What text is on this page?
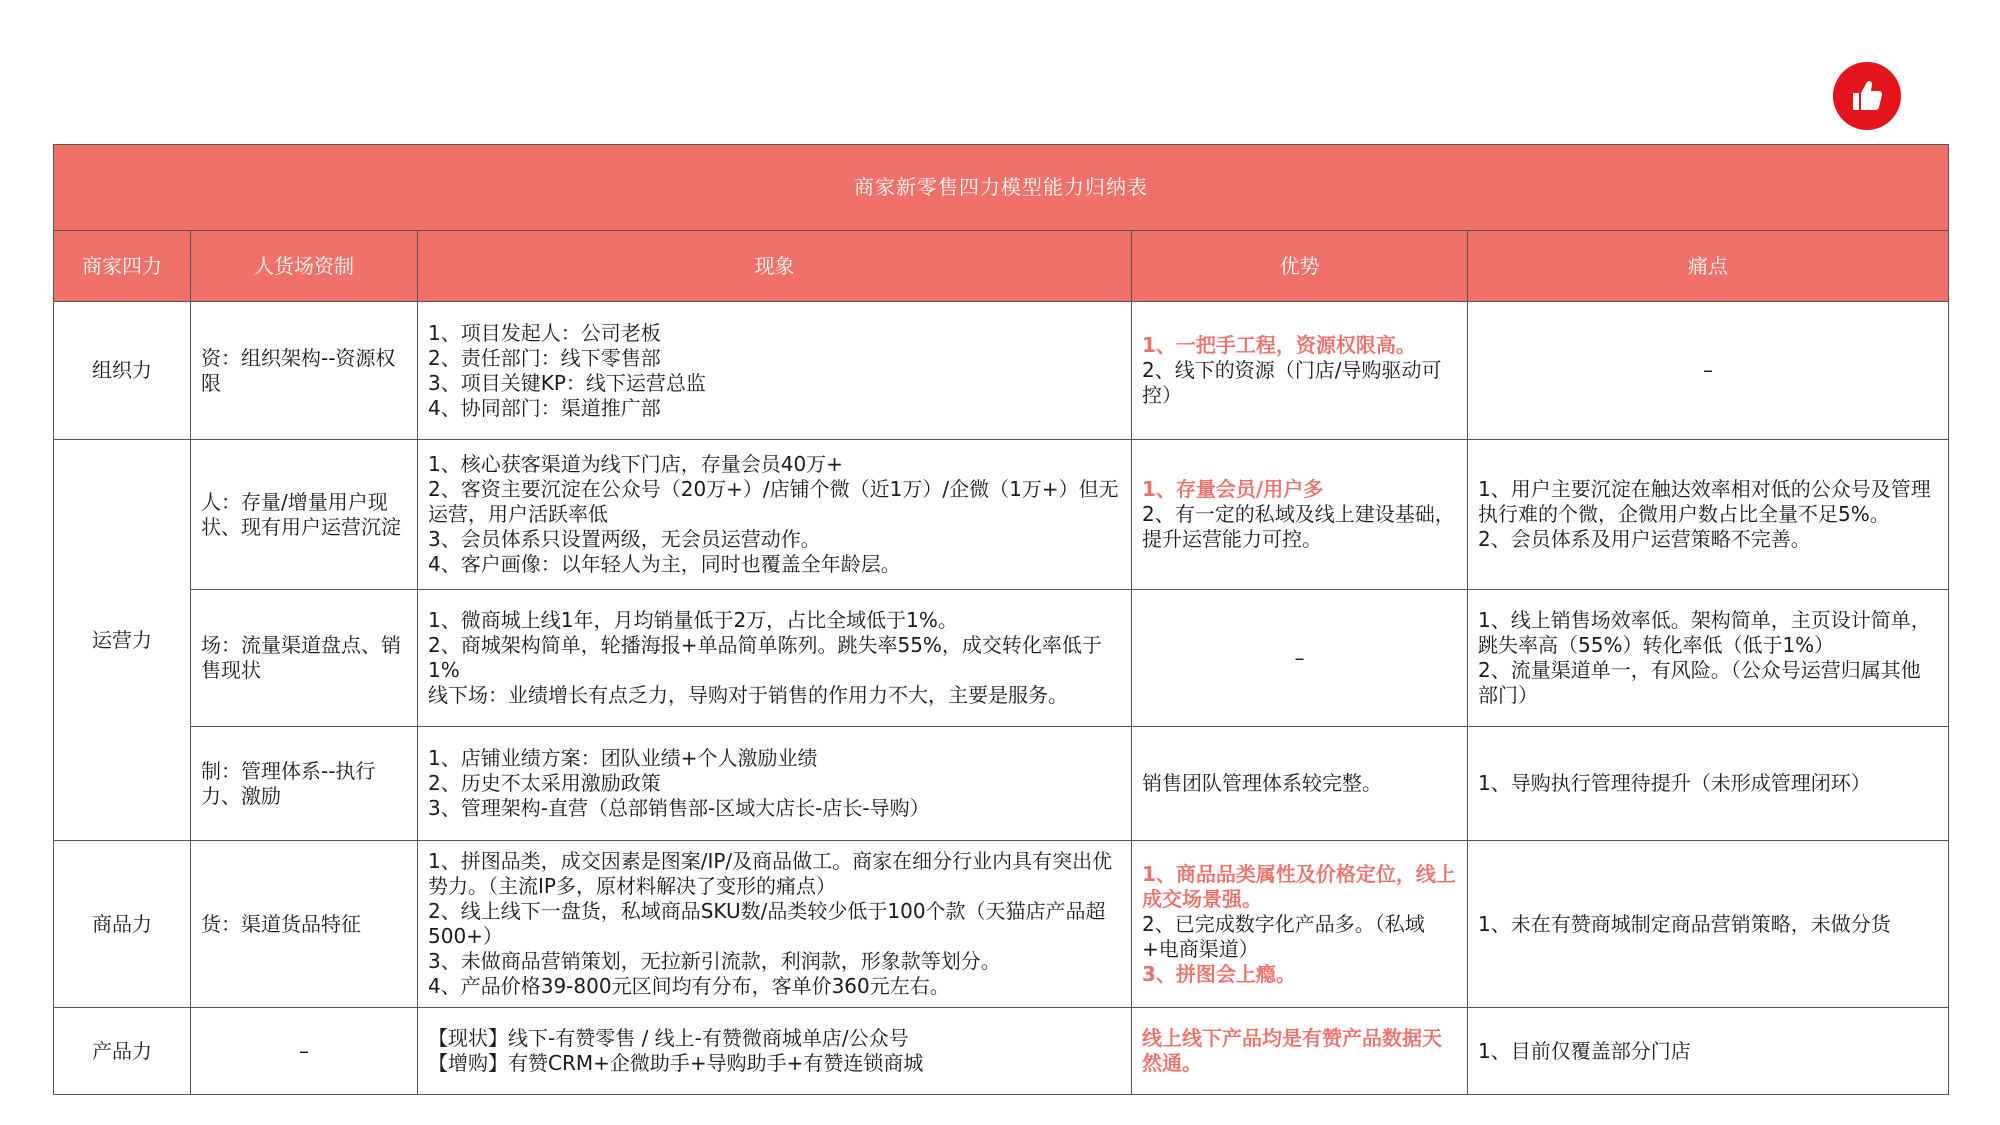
商家新零售四力模型能力归纳表				
商家四力	人货场资制	现象	优势	痛点
组织力	资：组织架构--资源权限	1、项目发起人：公司老板
2、责任部门：线下零售部
3、项目关键KP：线下运营总监
4、协同部门：渠道推广部	1、一把手工程，资源权限高。
2、线下的资源（门店/导购驱动可控）	–
运营力	人：存量/增量用户现状、现有用户运营沉淀	1、核心获客渠道为线下门店，存量会员40万+
2、客资主要沉淀在公众号（20万+）/店铺个微（近1万）/企微（1万+）但无运营，用户活跃率低
3、会员体系只设置两级，无会员运营动作。
4、客户画像：以年轻人为主，同时也覆盖全年龄层。	1、存量会员/用户多
2、有一定的私域及线上建设基础，提升运营能力可控。	1、用户主要沉淀在触达效率相对低的公众号及管理执行难的个微，企微用户数占比全量不足5%。
2、会员体系及用户运营策略不完善。

	场：流量渠道盘点、销售现状	1、微商城上线1年，月均销量低于2万，占比全域低于1%。
2、商城架构简单，轮播海报+单品简单陈列。跳失率55%，成交转化率低于1%
线下场：业绩增长有点乏力，导购对于销售的作用力不大，主要是服务。	–	1、线上销售场效率低。架构简单，主页设计简单，跳失率高（55%）转化率低（低于1%）
2、流量渠道单一，有风险。（公众号运营归属其他部门）

	制：管理体系--执行力、激励	1、店铺业绩方案：团队业绩+个人激励业绩
2、历史不太采用激励政策
3、管理架构-直营（总部销售部-区域大店长-店长-导购）	销售团队管理体系较完整。	1、导购执行管理待提升（未形成管理闭环）
商品力	货：渠道货品特征	1、拼图品类，成交因素是图案/IP/及商品做工。商家在细分行业内具有突出优势力。（主流IP多，原材料解决了变形的痛点）
2、线上线下一盘货，私域商品SKU数/品类较少低于100个款（天猫店产品超500+）
3、未做商品营销策划，无拉新引流款，利润款，形象款等划分。
4、产品价格39-800元区间均有分布，客单价360元左右。	1、商品品类属性及价格定位，线上成交场景强。
2、已完成数字化产品多。（私域+电商渠道）
3、拼图会上瘾。	1、未在有赞商城制定商品营销策略，未做分货
产品力	–	【现状】线下-有赞零售 / 线上-有赞微商城单店/公众号
【增购】有赞CRM+企微助手+导购助手+有赞连锁商城	线上线下产品均是有赞产品数据天然通。	1、目前仅覆盖部分门店
